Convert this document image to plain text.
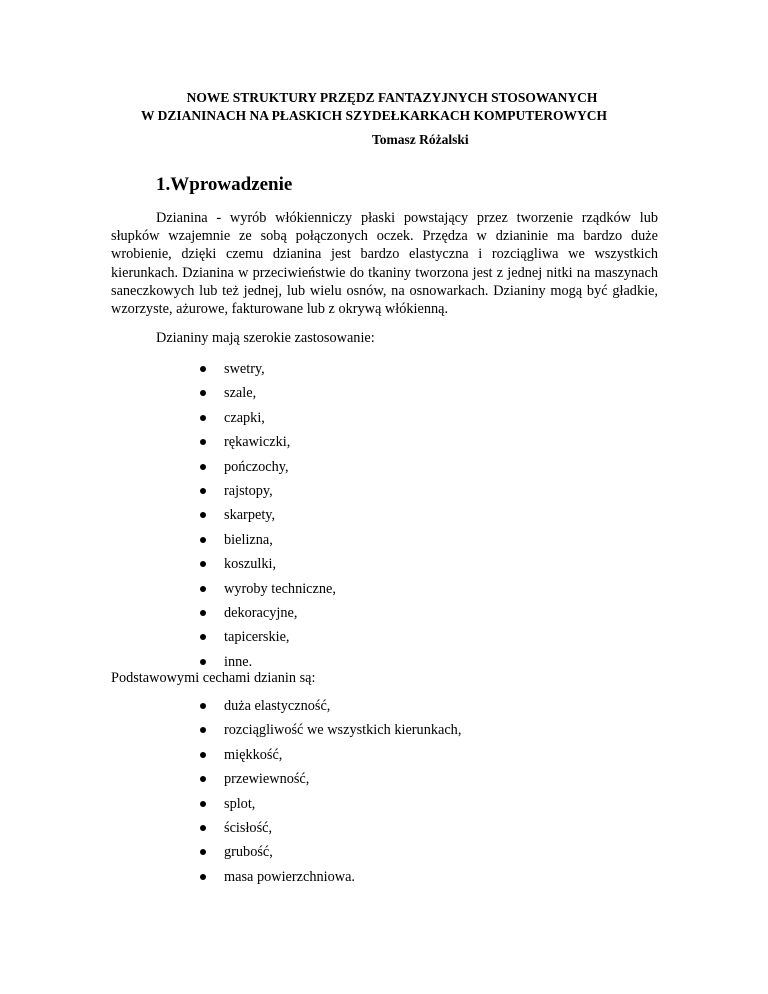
NOWE STRUKTURY PRZĘDZ FANTAZYJNYCH STOSOWANYCH
W DZIANINACH NA PŁASKICH SZYDEŁKARKACH KOMPUTEROWYCH
Tomasz Różalski
1.Wprowadzenie

Dzianina - wyrób włókienniczy płaski powstający przez tworzenie rządków lub słupków wzajemnie ze sobą połączonych oczek. Przędza w dzianinie ma bardzo duże wrobienie, dzięki czemu dzianina jest bardzo elastyczna i rozciągliwa we wszystkich kierunkach. Dzianina w przeciwieństwie do tkaniny tworzona jest z jednej nitki na maszynach saneczkowych lub też jednej, lub wielu osnów, na osnowarkach. Dzianiny mogą być gładkie, wzorzyste, ażurowe, fakturowane lub z okrywą włókienną.

Dzianiny mają szerokie zastosowanie:

swetry,
szale,
czapki,
rękawiczki,
pończochy,
rajstopy,
skarpety,
bielizna,
koszulki,
wyroby techniczne,
dekoracyjne,
tapicerskie,
inne.

Podstawowymi cechami dzianin są:

duża elastyczność,
rozciągliwość we wszystkich kierunkach,
miękkość,
przewiewność,
splot,
ścisłość,
grubość,
masa powierzchniowa.
